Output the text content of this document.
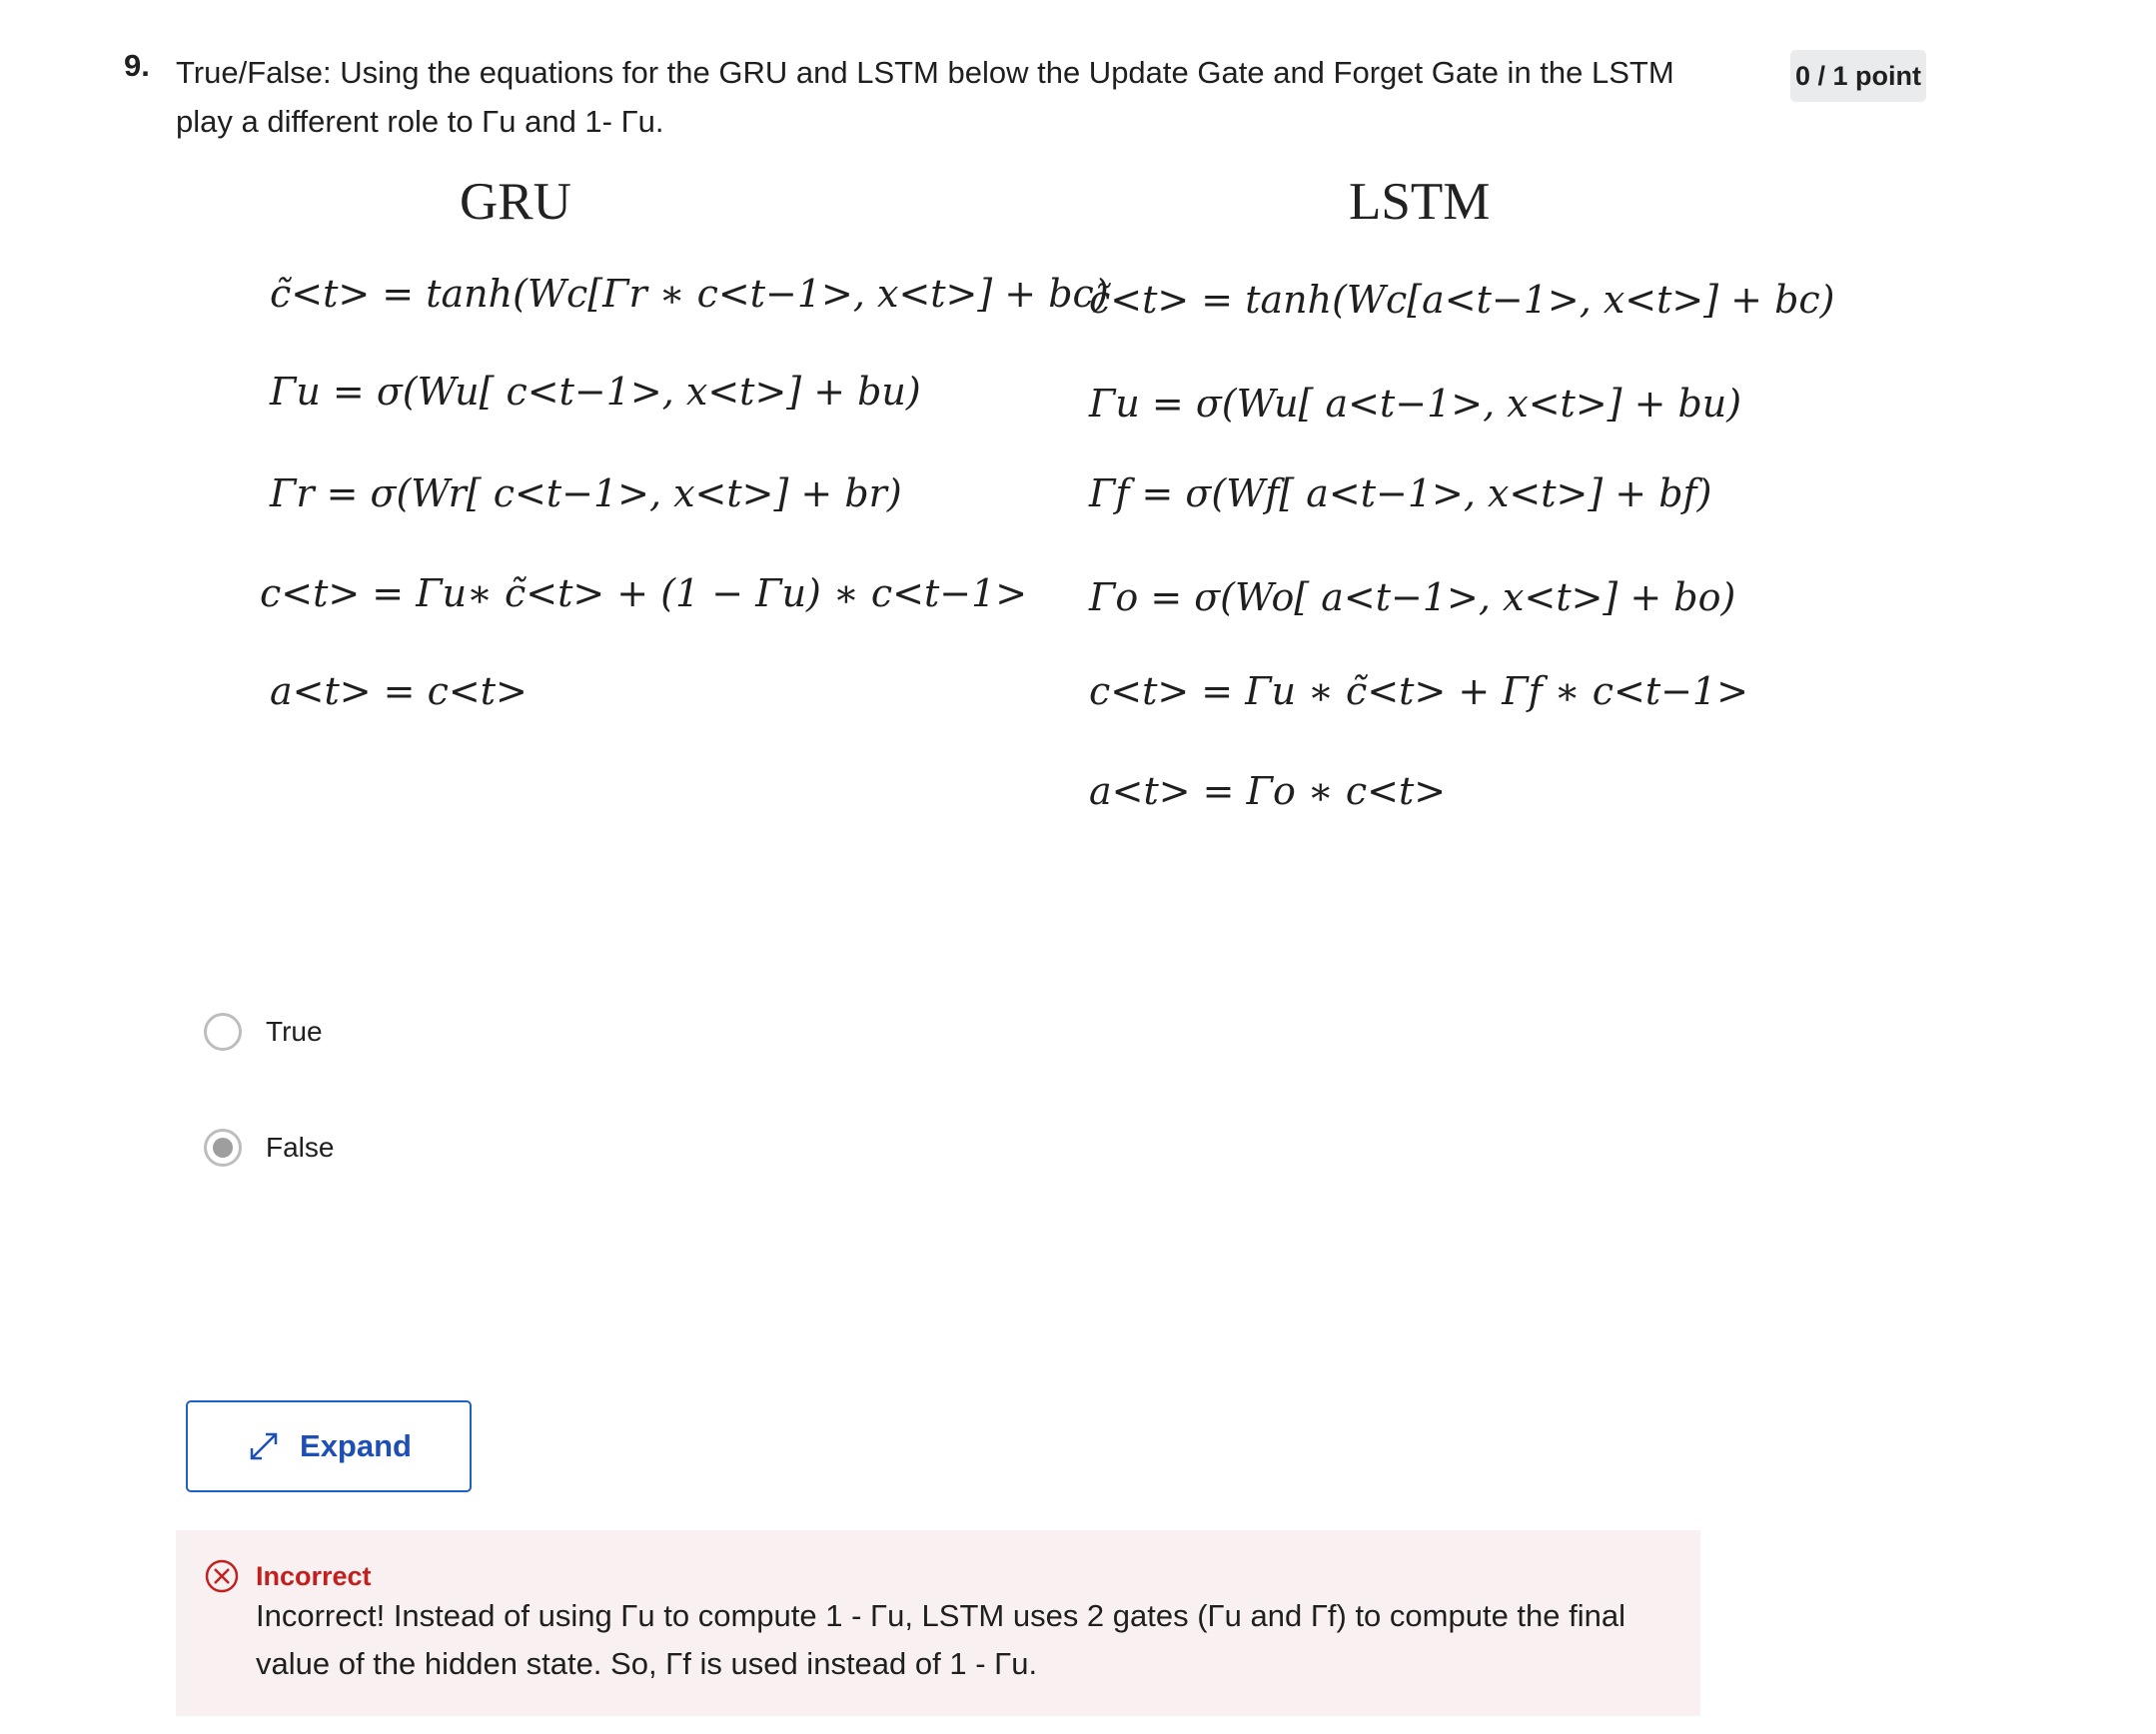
9. True/False: Using the equations for the GRU and LSTM below the Update Gate and Forget Gate in the LSTM play a different role to Γu and 1- Γu.
0 / 1 point
GRU	LSTM
c̃<t> = tanh(Wc[Γr ∗ c<t−1>, x<t>] + bc)
Γu = σ(Wu[ c<t−1>, x<t>] + bu)
Γr = σ(Wr[ c<t−1>, x<t>] + br)
c<t> = Γu∗ c̃<t> + (1 − Γu) ∗ c<t−1>
a<t> = c<t>
c̃<t> = tanh(Wc[a<t−1>, x<t>] + bc)
Γu = σ(Wu[ a<t−1>, x<t>] + bu)
Γf = σ(Wf[ a<t−1>, x<t>] + bf)
Γo = σ(Wo[ a<t−1>, x<t>] + bo)
c<t> = Γu ∗ c̃<t> + Γf ∗ c<t−1>
a<t> = Γo ∗ c<t>
True
False
Expand
Incorrect
Incorrect! Instead of using Γu to compute 1 - Γu, LSTM uses 2 gates (Γu and Γf) to compute the final value of the hidden state. So, Γf is used instead of 1 - Γu.
